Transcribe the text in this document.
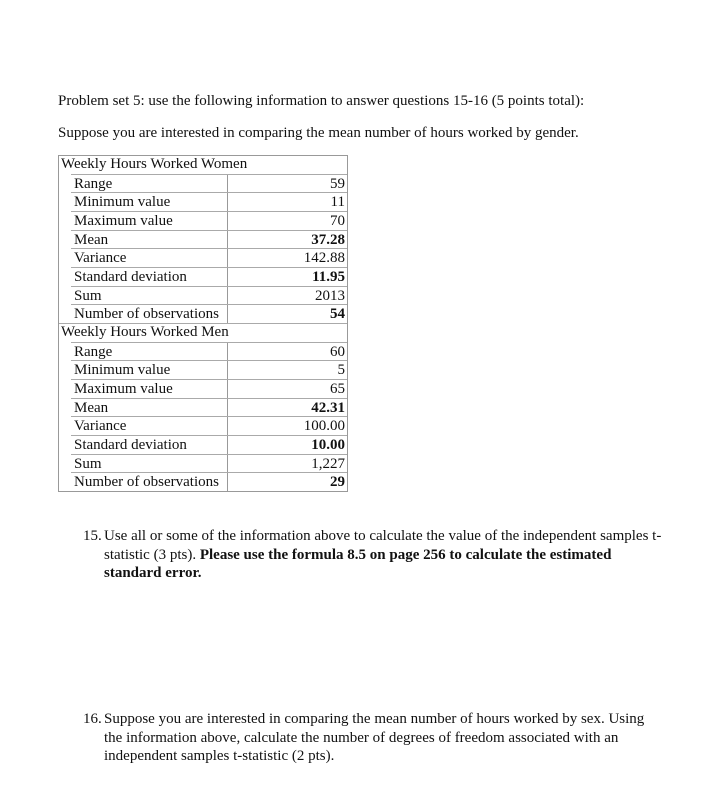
Problem set 5: use the following information to answer questions 15-16 (5 points total):

Suppose you are interested in comparing the mean number of hours worked by gender.

Weekly Hours Worked Women
Range	59
Minimum value	11
Maximum value	70
Mean	37.28
Variance	142.88
Standard deviation	11.95
Sum	2013
Number of observations	54
Weekly Hours Worked Men
Range	60
Minimum value	5
Maximum value	65
Mean	42.31
Variance	100.00
Standard deviation	10.00
Sum	1,227
Number of observations	29
15. Use all or some of the information above to calculate the value of the independent samples t- statistic (3 pts). Please use the formula 8.5 on page 256 to calculate the estimated standard error.
16. Suppose you are interested in comparing the mean number of hours worked by sex. Using the information above, calculate the number of degrees of freedom associated with an independent samples t-statistic (2 pts).
